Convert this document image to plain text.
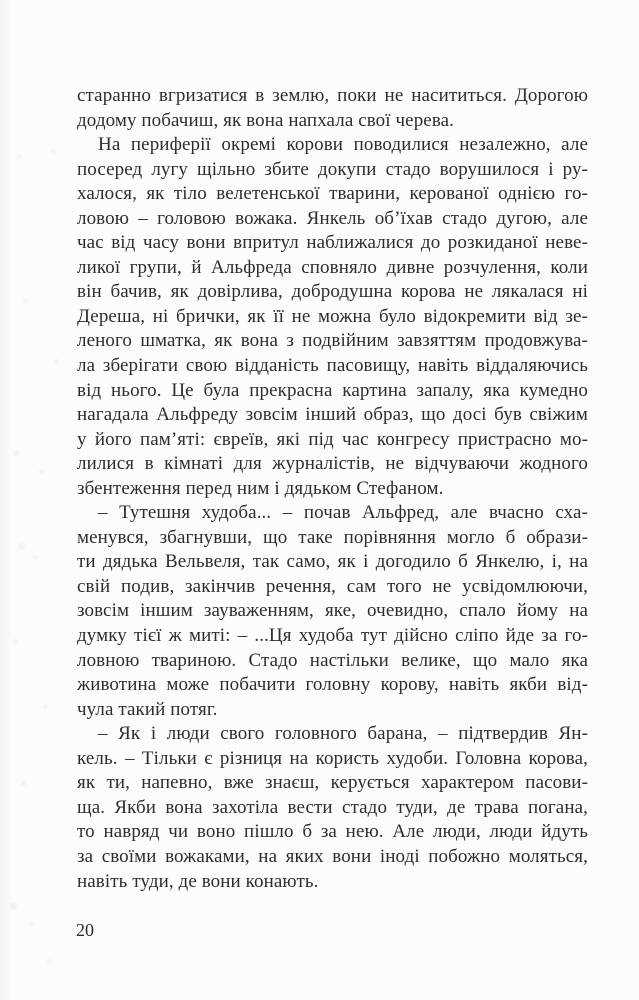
старанно вгризатися в землю, поки не насититься. Дорогою
додому побачиш, як вона напхала свої черева.

На периферії окремі корови поводилися незалежно, але
посеред лугу щільно збите докупи стадо ворушилося і ру-
халося, як тіло велетенської тварини, керованої однією го-
ловою – головою вожака. Янкель об’їхав стадо дугою, але
час від часу вони впритул наближалися до розкиданої неве-
ликої групи, й Альфреда сповняло дивне розчулення, коли
він бачив, як довірлива, добродушна корова не лякалася ні
Дереша, ні брички, як її не можна було відокремити від зе-
леного шматка, як вона з подвійним завзяттям продовжува-
ла зберігати свою відданість пасовищу, навіть віддаляючись
від нього. Це була прекрасна картина запалу, яка кумедно
нагадала Альфреду зовсім інший образ, що досі був свіжим
у його пам’яті: євреїв, які під час конгресу пристрасно мо-
лилися в кімнаті для журналістів, не відчуваючи жодного
збентеження перед ним і дядьком Стефаном.

– Тутешня худоба... – почав Альфред, але вчасно сха-
менувся, збагнувши, що таке порівняння могло б образи-
ти дядька Вельвеля, так само, як і догодило б Янкелю, і, на
свій подив, закінчив речення, сам того не усвідомлюючи,
зовсім іншим зауваженням, яке, очевидно, спало йому на
думку тієї ж миті: – ...Ця худоба тут дійсно сліпо йде за го-
ловною твариною. Стадо настільки велике, що мало яка
животина може побачити головну корову, навіть якби від-
чула такий потяг.

– Як і люди свого головного барана, – підтвердив Ян-
кель. – Тільки є різниця на користь худоби. Головна корова,
як ти, напевно, вже знаєш, керується характером пасови-
ща. Якби вона захотіла вести стадо туди, де трава погана,
то навряд чи воно пішло б за нею. Але люди, люди йдуть
за своїми вожаками, на яких вони іноді побожно моляться,
навіть туди, де вони конають.

20
